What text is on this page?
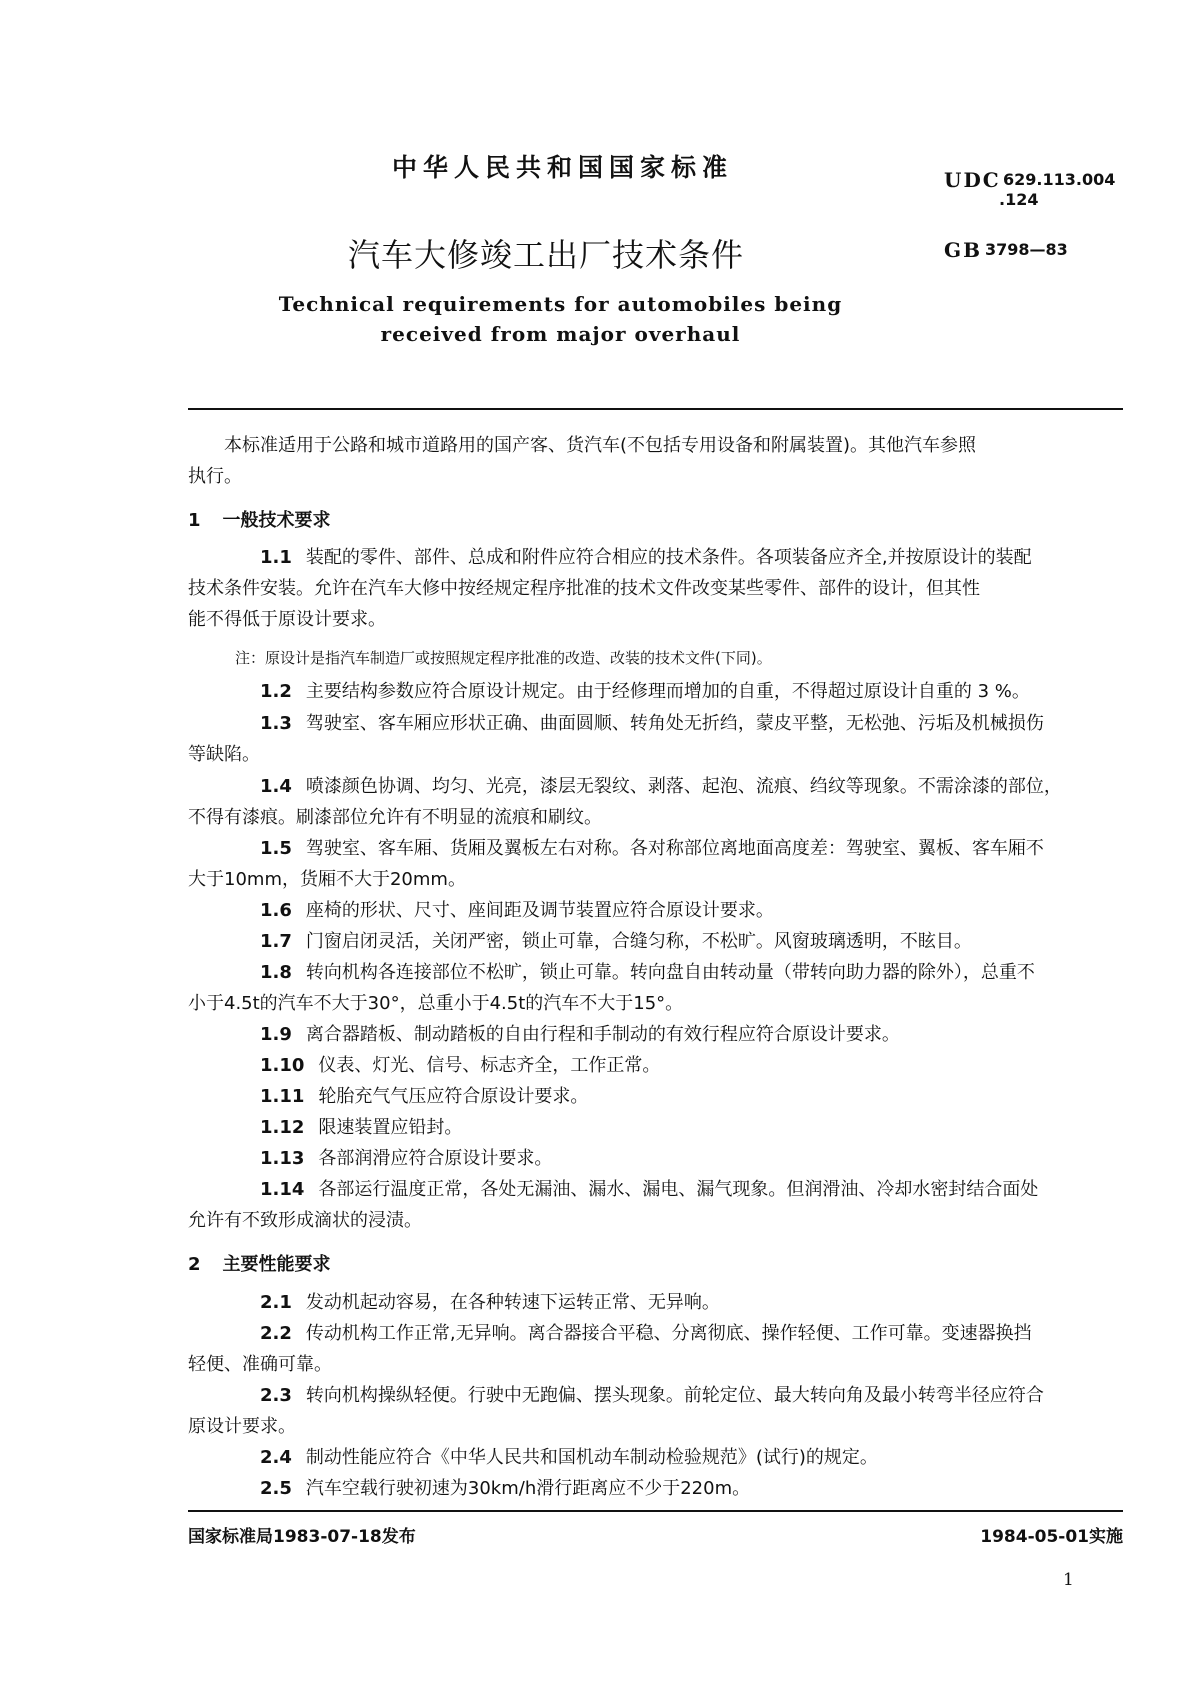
中华人民共和国国家标准	UDC 629.113.004
.124
汽车大修竣工出厂技术条件	GB 3798—83
Technical requirements for automobiles being
received from major overhaul
本标准适用于公路和城市道路用的国产客、货汽车(不包括专用设备和附属装置)。其他汽车参照
执行。
1 一般技术要求
1.1 装配的零件、部件、总成和附件应符合相应的技术条件。各项装备应齐全,并按原设计的装配
技术条件安装。允许在汽车大修中按经规定程序批准的技术文件改变某些零件、部件的设计，但其性
能不得低于原设计要求。
注：原设计是指汽车制造厂或按照规定程序批准的改造、改装的技术文件(下同)。
1.2 主要结构参数应符合原设计规定。由于经修理而增加的自重，不得超过原设计自重的 3 %。
1.3 驾驶室、客车厢应形状正确、曲面圆顺、转角处无折绉，蒙皮平整，无松弛、污垢及机械损伤
等缺陷。
1.4 喷漆颜色协调、均匀、光亮，漆层无裂纹、剥落、起泡、流痕、绉纹等现象。不需涂漆的部位，
不得有漆痕。刷漆部位允许有不明显的流痕和刷纹。
1.5 驾驶室、客车厢、货厢及翼板左右对称。各对称部位离地面高度差：驾驶室、翼板、客车厢不
大于10mm，货厢不大于20mm。
1.6 座椅的形状、尺寸、座间距及调节装置应符合原设计要求。
1.7 门窗启闭灵活，关闭严密，锁止可靠，合缝匀称，不松旷。风窗玻璃透明，不眩目。
1.8 转向机构各连接部位不松旷，锁止可靠。转向盘自由转动量（带转向助力器的除外），总重不
小于4.5t的汽车不大于30°，总重小于4.5t的汽车不大于15°。
1.9 离合器踏板、制动踏板的自由行程和手制动的有效行程应符合原设计要求。
1.10 仪表、灯光、信号、标志齐全，工作正常。
1.11 轮胎充气气压应符合原设计要求。
1.12 限速装置应铅封。
1.13 各部润滑应符合原设计要求。
1.14 各部运行温度正常，各处无漏油、漏水、漏电、漏气现象。但润滑油、冷却水密封结合面处
允许有不致形成滴状的浸渍。
2 主要性能要求
2.1 发动机起动容易，在各种转速下运转正常、无异响。
2.2 传动机构工作正常,无异响。离合器接合平稳、分离彻底、操作轻便、工作可靠。变速器换挡
轻便、准确可靠。
2.3 转向机构操纵轻便。行驶中无跑偏、摆头现象。前轮定位、最大转向角及最小转弯半径应符合
原设计要求。
2.4 制动性能应符合《中华人民共和国机动车制动检验规范》(试行)的规定。
2.5 汽车空载行驶初速为30km/h滑行距离应不少于220m。
国家标准局1983-07-18发布	1984-05-01实施
1
